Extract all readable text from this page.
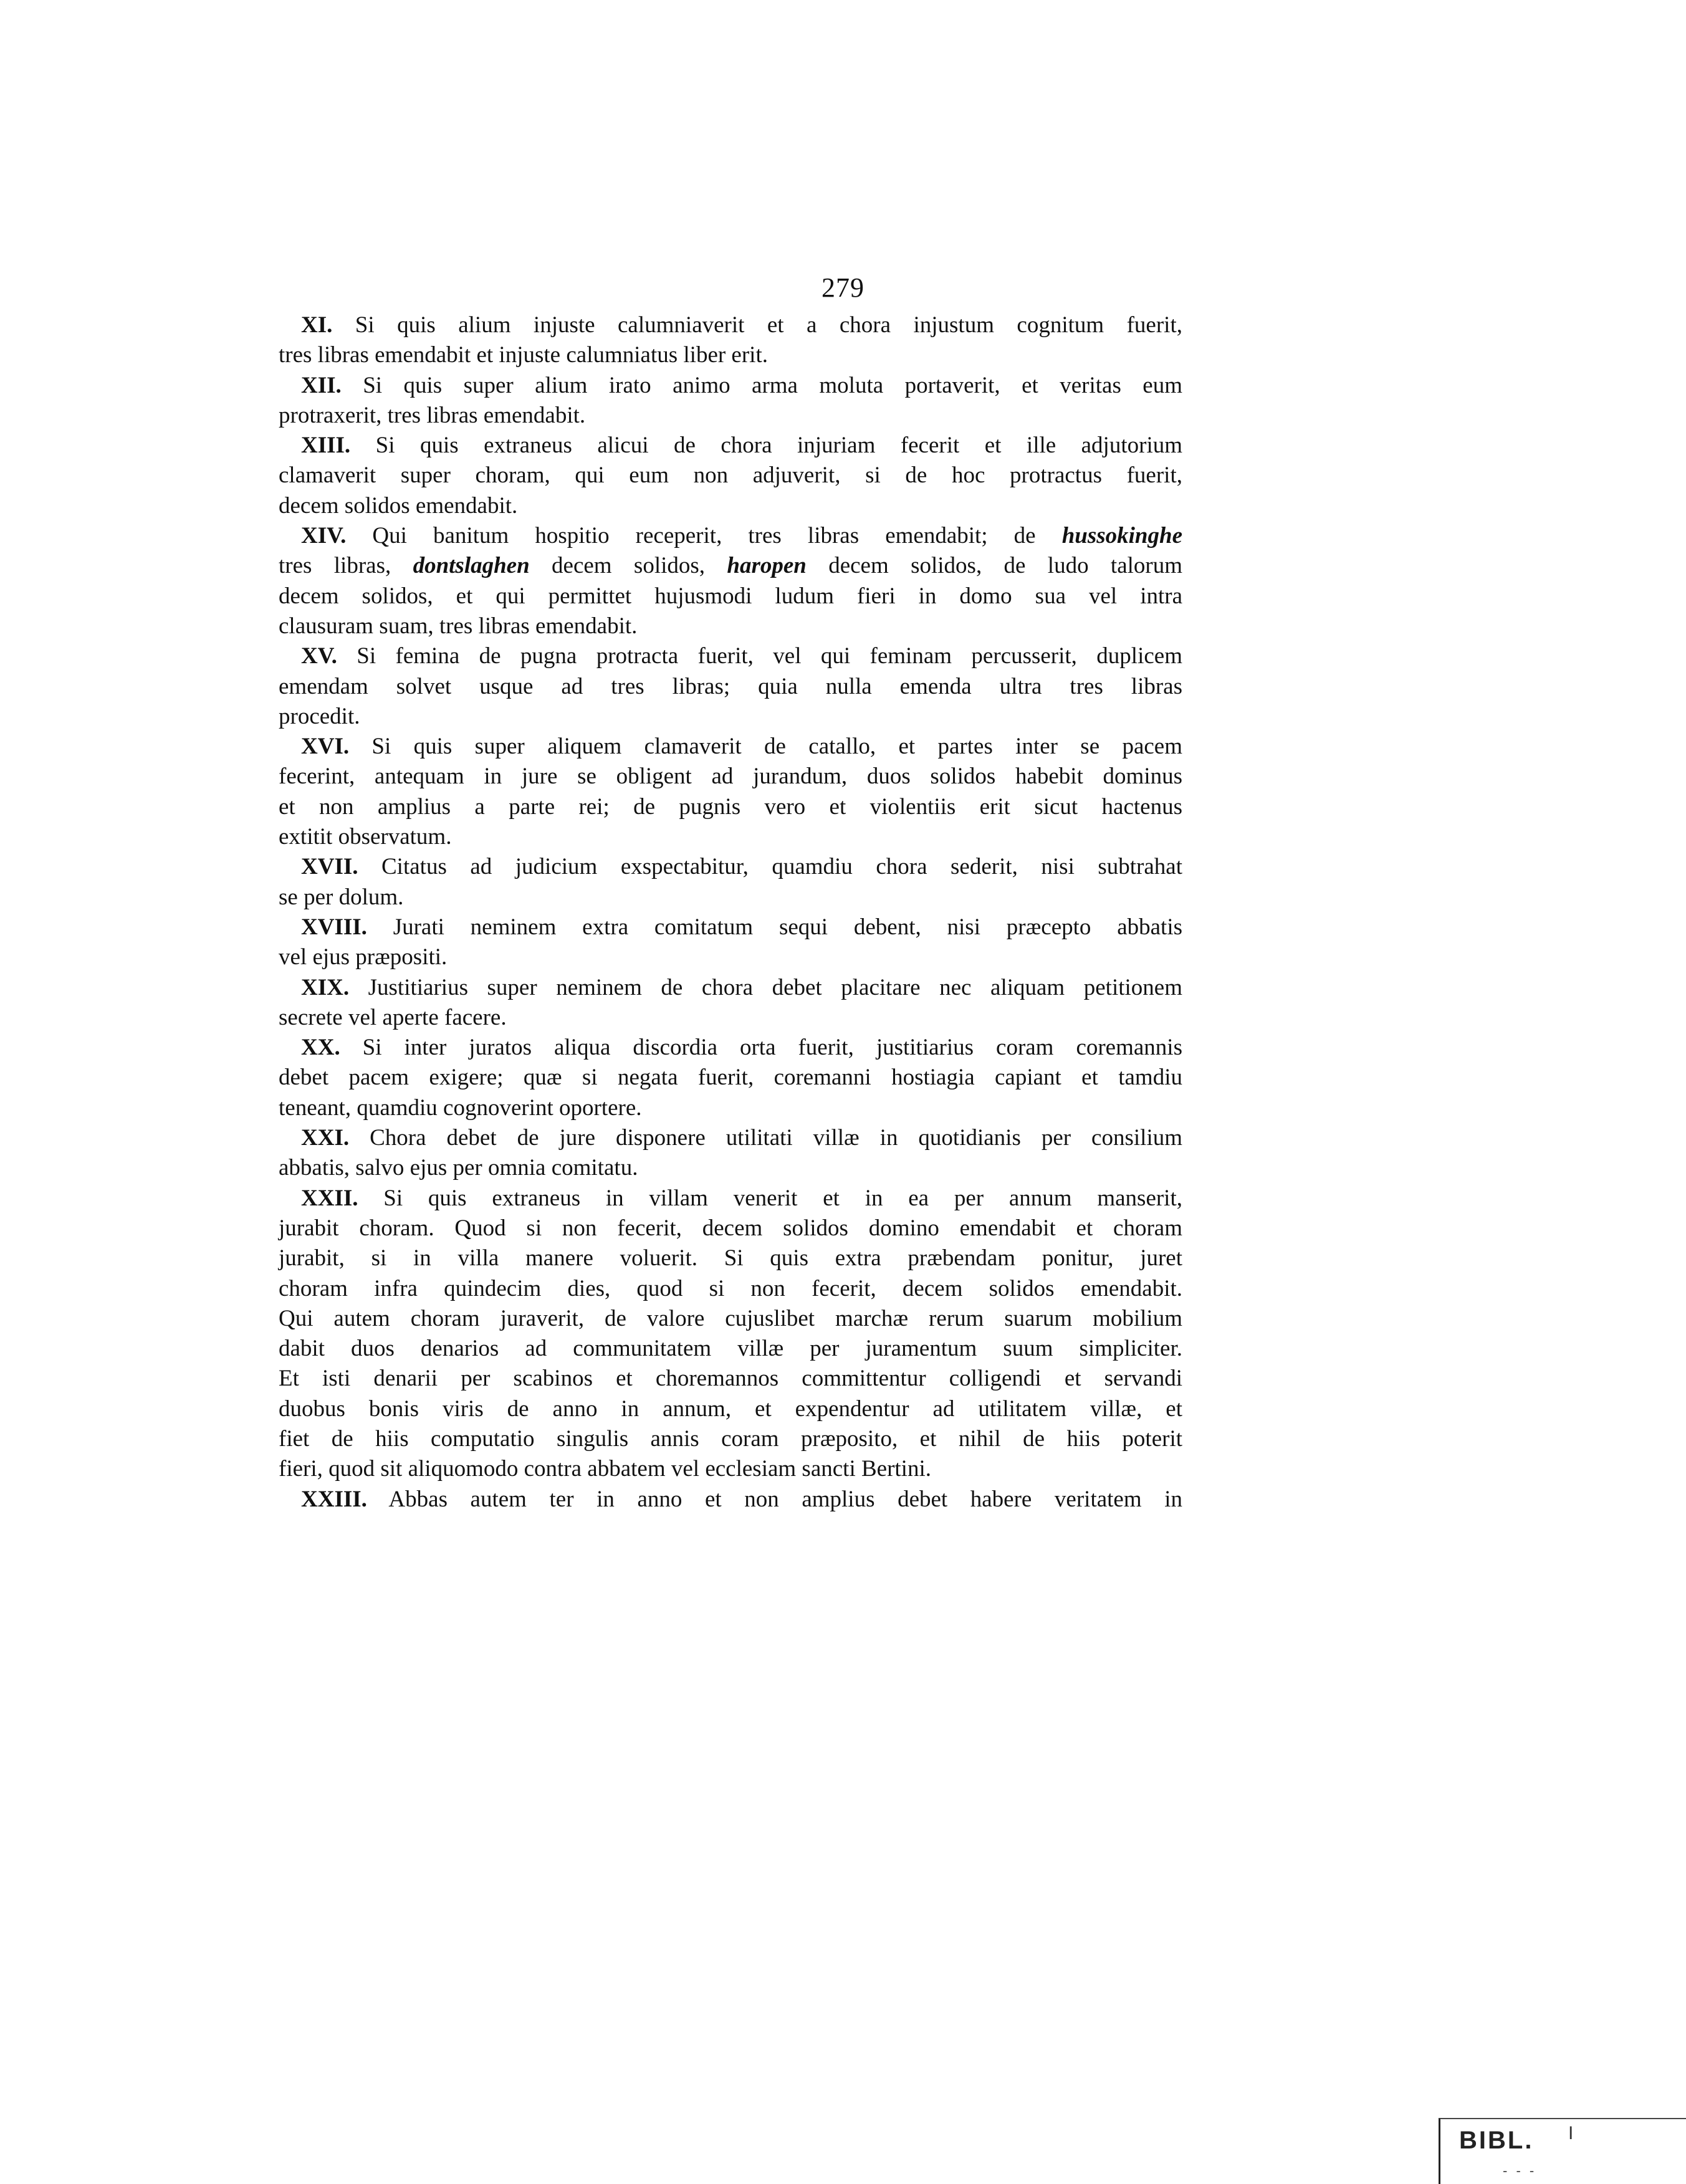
279
XI. Si quis alium injuste calumniaverit et a chora injustum cognitum fuerit,
tres libras emendabit et injuste calumniatus liber erit.
XII. Si quis super alium irato animo arma moluta portaverit, et veritas eum
protraxerit, tres libras emendabit.
XIII. Si quis extraneus alicui de chora injuriam fecerit et ille adjutorium
clamaverit super choram, qui eum non adjuverit, si de hoc protractus fuerit,
decem solidos emendabit.
XIV. Qui banitum hospitio receperit, tres libras emendabit; de hussokinghe
tres libras, dontslaghen decem solidos, haropen decem solidos, de ludo talorum
decem solidos, et qui permittet hujusmodi ludum fieri in domo sua vel intra
clausuram suam, tres libras emendabit.
XV. Si femina de pugna protracta fuerit, vel qui feminam percusserit, duplicem
emendam solvet usque ad tres libras; quia nulla emenda ultra tres libras
procedit.
XVI. Si quis super aliquem clamaverit de catallo, et partes inter se pacem
fecerint, antequam in jure se obligent ad jurandum, duos solidos habebit dominus
et non amplius a parte rei; de pugnis vero et violentiis erit sicut hactenus
extitit observatum.
XVII. Citatus ad judicium exspectabitur, quamdiu chora sederit, nisi subtrahat
se per dolum.
XVIII. Jurati neminem extra comitatum sequi debent, nisi præcepto abbatis
vel ejus præpositi.
XIX. Justitiarius super neminem de chora debet placitare nec aliquam petitionem
secrete vel aperte facere.
XX. Si inter juratos aliqua discordia orta fuerit, justitiarius coram coremannis
debet pacem exigere; quæ si negata fuerit, coremanni hostiagia capiant et tamdiu
teneant, quamdiu cognoverint oportere.
XXI. Chora debet de jure disponere utilitati villæ in quotidianis per consilium
abbatis, salvo ejus per omnia comitatu.
XXII. Si quis extraneus in villam venerit et in ea per annum manserit,
jurabit choram. Quod si non fecerit, decem solidos domino emendabit et choram
jurabit, si in villa manere voluerit. Si quis extra præbendam ponitur, juret
choram infra quindecim dies, quod si non fecerit, decem solidos emendabit.
Qui autem choram juraverit, de valore cujuslibet marchæ rerum suarum mobilium
dabit duos denarios ad communitatem villæ per juramentum suum simpliciter.
Et isti denarii per scabinos et choremannos committentur colligendi et servandi
duobus bonis viris de anno in annum, et expendentur ad utilitatem villæ, et
fiet de hiis computatio singulis annis coram præposito, et nihil de hiis poterit
fieri, quod sit aliquomodo contra abbatem vel ecclesiam sancti Bertini.
XXIII. Abbas autem ter in anno et non amplius debet habere veritatem in
BIBL. I
- - -
